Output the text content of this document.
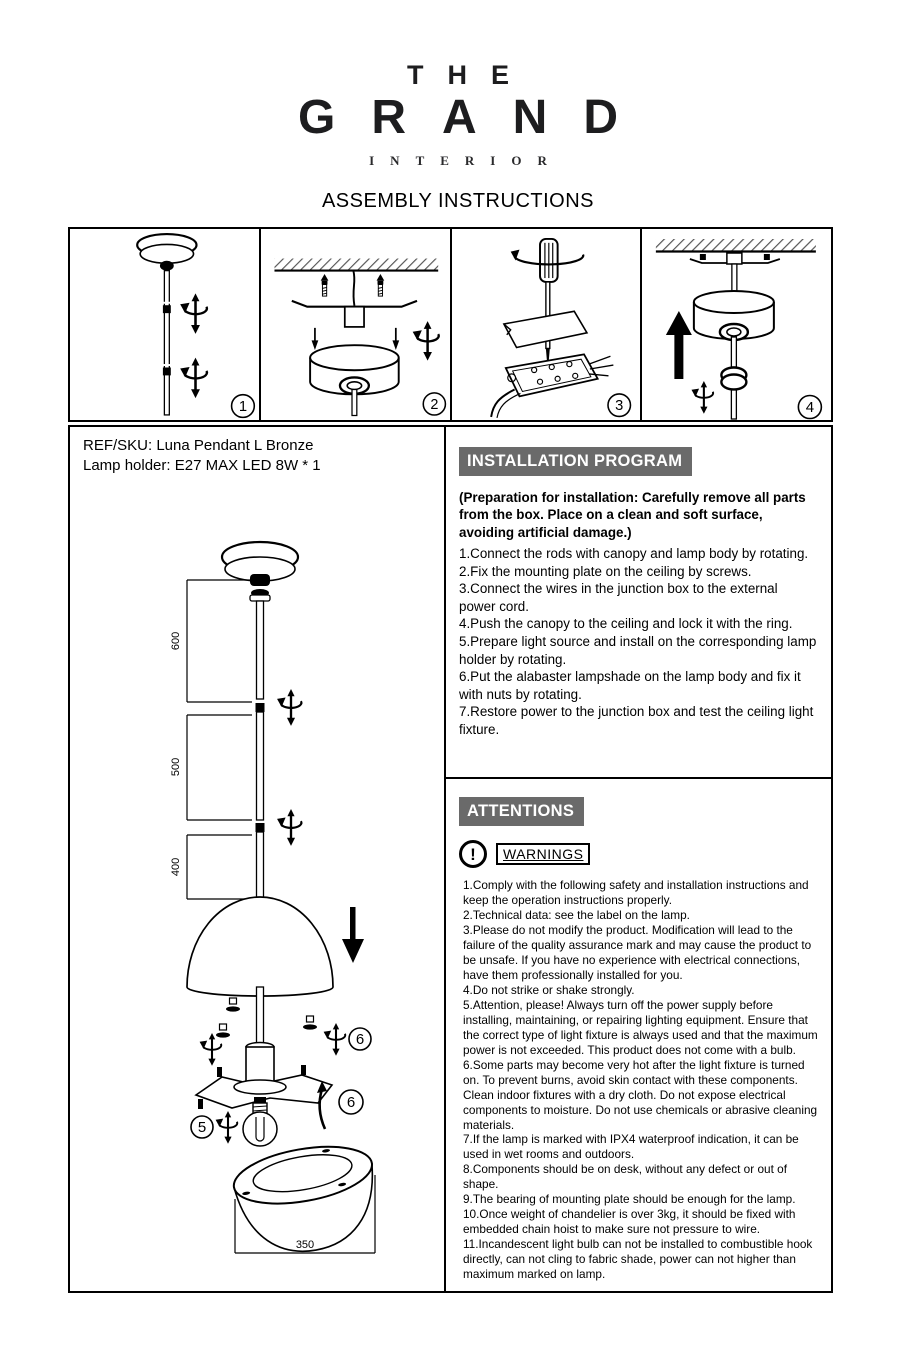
THE
GRAND
INTERIOR
ASSEMBLY INSTRUCTIONS
1	2	3	4
REF/SKU: Luna Pendant L Bronze
Lamp holder: E27 MAX LED 8W * 1
600
500
400
6
5
6
350
INSTALLATION PROGRAM
(Preparation for installation: Carefully remove all parts from the box. Place on a clean and soft surface, avoiding artificial damage.)
1.Connect the rods with canopy and lamp body by rotating.
2.Fix the mounting plate on the ceiling by screws.
3.Connect the wires in the junction box to the external power cord.
4.Push the canopy to the ceiling and lock it with the ring.
5.Prepare light source and install on the corresponding lamp holder by rotating.
6.Put the alabaster lampshade on the lamp body and fix it with nuts by rotating.
7.Restore power to the junction box and test the ceiling light fixture.
ATTENTIONS
!	WARNINGS
1.Comply with the following safety and installation instructions and keep the operation instructions properly.
2.Technical data: see the label on the lamp.
3.Please do not modify the product. Modification will lead to the failure of the quality assurance mark and may cause the product to be unsafe. If you have no experience with electrical connections, have them professionally installed for you.
4.Do not strike or shake strongly.
5.Attention, please! Always turn off the power supply before installing, maintaining, or repairing lighting equipment. Ensure that the correct type of light fixture is always used and that the maximum power is not exceeded. This product does not come with a bulb.
6.Some parts may become very hot after the light fixture is turned on. To prevent burns, avoid skin contact with these components. Clean indoor fixtures with a dry cloth. Do not expose electrical components to moisture. Do not use chemicals or abrasive cleaning materials.
7.If the lamp is marked with IPX4 waterproof indication, it can be used in wet rooms and outdoors.
8.Components should be on desk, without any defect or out of shape.
9.The bearing of mounting plate should be enough for the lamp.
10.Once weight of chandelier is over 3kg, it should be fixed with embedded chain hoist to make sure not pressure to wire.
11.Incandescent light bulb can not be installed to combustible hook directly, can not cling to fabric shade, power can not higher than maximum marked on lamp.
